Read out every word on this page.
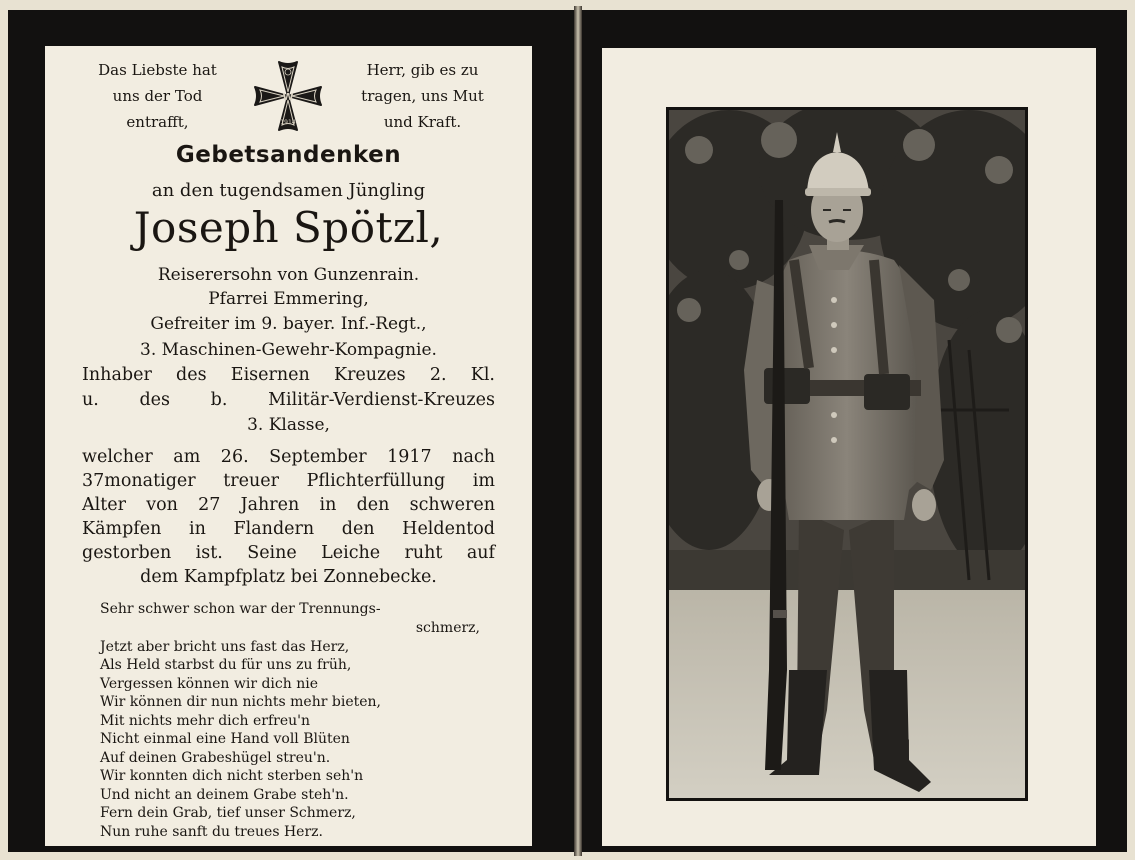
Das Liebste hat
uns der Tod
entrafft,
W
1914
Herr, gib es zu
tragen, uns Mut
und Kraft.
Gebetsandenken
an den tugendsamen Jüngling
Joseph Spötzl,
Reiserersohn von Gunzenrain.
Pfarrei Emmering,
Gefreiter im 9. bayer. Inf.-Regt.,
3. Maschinen-Gewehr-Kompagnie.
Inhaber des Eisernen Kreuzes 2. Kl.
u. des b. Militär-Verdienst-Kreuzes
3. Klasse,
welcher am 26. September 1917 nach
37monatiger treuer Pflichterfüllung im
Alter von 27 Jahren in den schweren
Kämpfen in Flandern den Heldentod
gestorben ist. Seine Leiche ruht auf
dem Kampfplatz bei Zonnebecke.
Sehr schwer schon war der Trennungs-
schmerz,
Jetzt aber bricht uns fast das Herz,
Als Held starbst du für uns zu früh,
Vergessen können wir dich nie
Wir können dir nun nichts mehr bieten,
Mit nichts mehr dich erfreu'n
Nicht einmal eine Hand voll Blüten
Auf deinen Grabeshügel streu'n.
Wir konnten dich nicht sterben seh'n
Und nicht an deinem Grabe steh'n.
Fern dein Grab, tief unser Schmerz,
Nun ruhe sanft du treues Herz.
